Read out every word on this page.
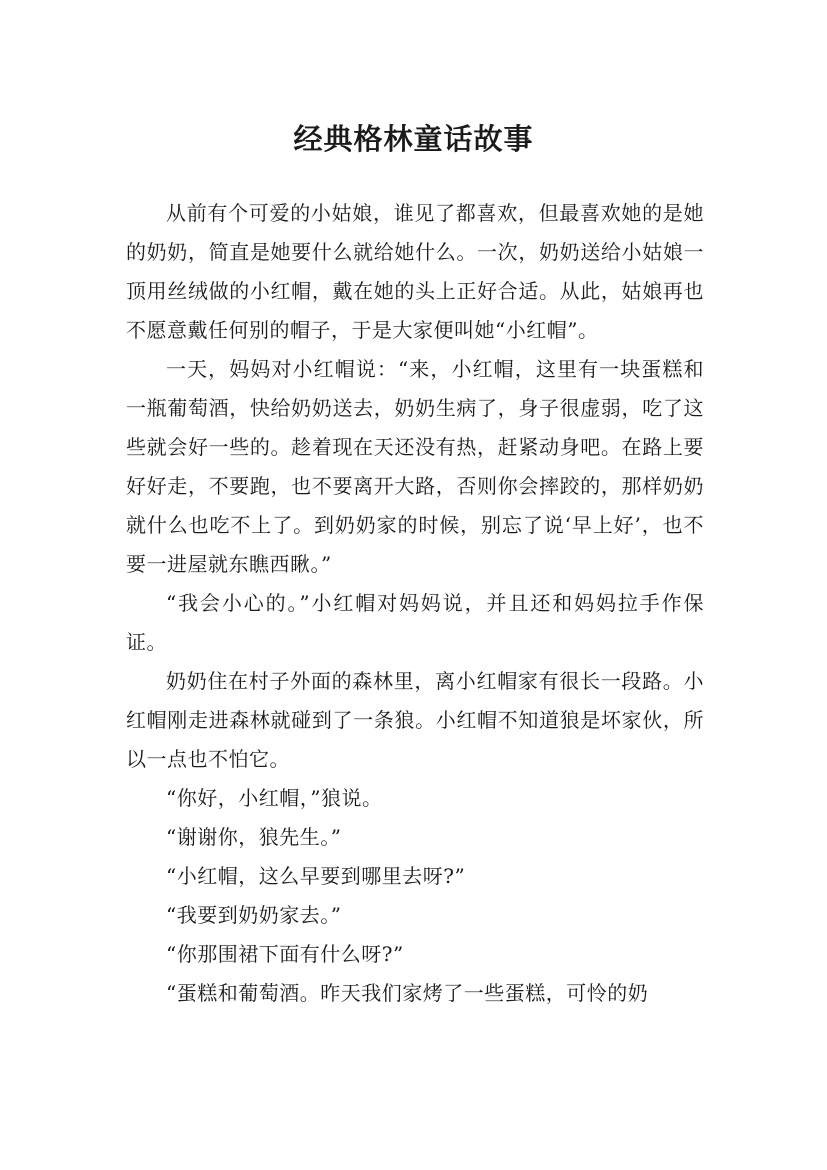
经典格林童话故事

从前有个可爱的小姑娘，谁见了都喜欢，但最喜欢她的是她的奶奶，简直是她要什么就给她什么。一次，奶奶送给小姑娘一顶用丝绒做的小红帽，戴在她的头上正好合适。从此，姑娘再也不愿意戴任何别的帽子，于是大家便叫她“小红帽”。

一天，妈妈对小红帽说：“来，小红帽，这里有一块蛋糕和一瓶葡萄酒，快给奶奶送去，奶奶生病了，身子很虚弱，吃了这些就会好一些的。趁着现在天还没有热，赶紧动身吧。在路上要好好走，不要跑，也不要离开大路，否则你会摔跤的，那样奶奶就什么也吃不上了。到奶奶家的时候，别忘了说‘早上好’，也不要一进屋就东瞧西瞅。”

“我会小心的。”小红帽对妈妈说，并且还和妈妈拉手作保证。

奶奶住在村子外面的森林里，离小红帽家有很长一段路。小红帽刚走进森林就碰到了一条狼。小红帽不知道狼是坏家伙，所以一点也不怕它。

“你好，小红帽，”狼说。

“谢谢你，狼先生。”

“小红帽，这么早要到哪里去呀?”

“我要到奶奶家去。”

“你那围裙下面有什么呀?”

“蛋糕和葡萄酒。昨天我们家烤了一些蛋糕，可怜的奶
